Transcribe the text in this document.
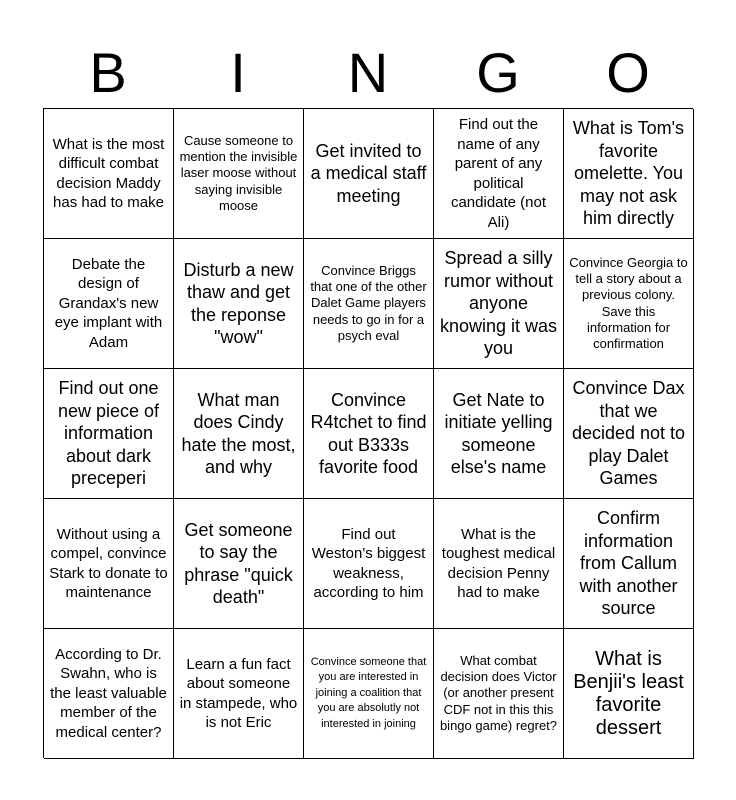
B	I	N	G	O
What is the most difficult combat decision Maddy has had to make
Cause someone to mention the invisible laser moose without saying invisible moose
Get invited to a medical staff meeting
Find out the name of any parent of any political candidate (not Ali)
What is Tom's favorite omelette. You may not ask him directly
Debate the design of Grandax's new eye implant with Adam
Disturb a new thaw and get the reponse "wow"
Convince Briggs that one of the other Dalet Game players needs to go in for a psych eval
Spread a silly rumor without anyone knowing it was you
Convince Georgia to tell a story about a previous colony. Save this information for confirmation
Find out one new piece of information about dark preceperi
What man does Cindy hate the most, and why
Convince R4tchet to find out B333s favorite food
Get Nate to initiate yelling someone else's name
Convince Dax that we decided not to play Dalet Games
Without using a compel, convince Stark to donate to maintenance
Get someone to say the phrase "quick death"
Find out Weston's biggest weakness, according to him
What is the toughest medical decision Penny had to make
Confirm information from Callum with another source
According to Dr. Swahn, who is the least valuable member of the medical center?
Learn a fun fact about someone in stampede, who is not Eric
Convince someone that you are interested in joining a coalition that you are absolutly not interested in joining
What combat decision does Victor (or another present CDF not in this this bingo game) regret?
What is Benjii's least favorite dessert
